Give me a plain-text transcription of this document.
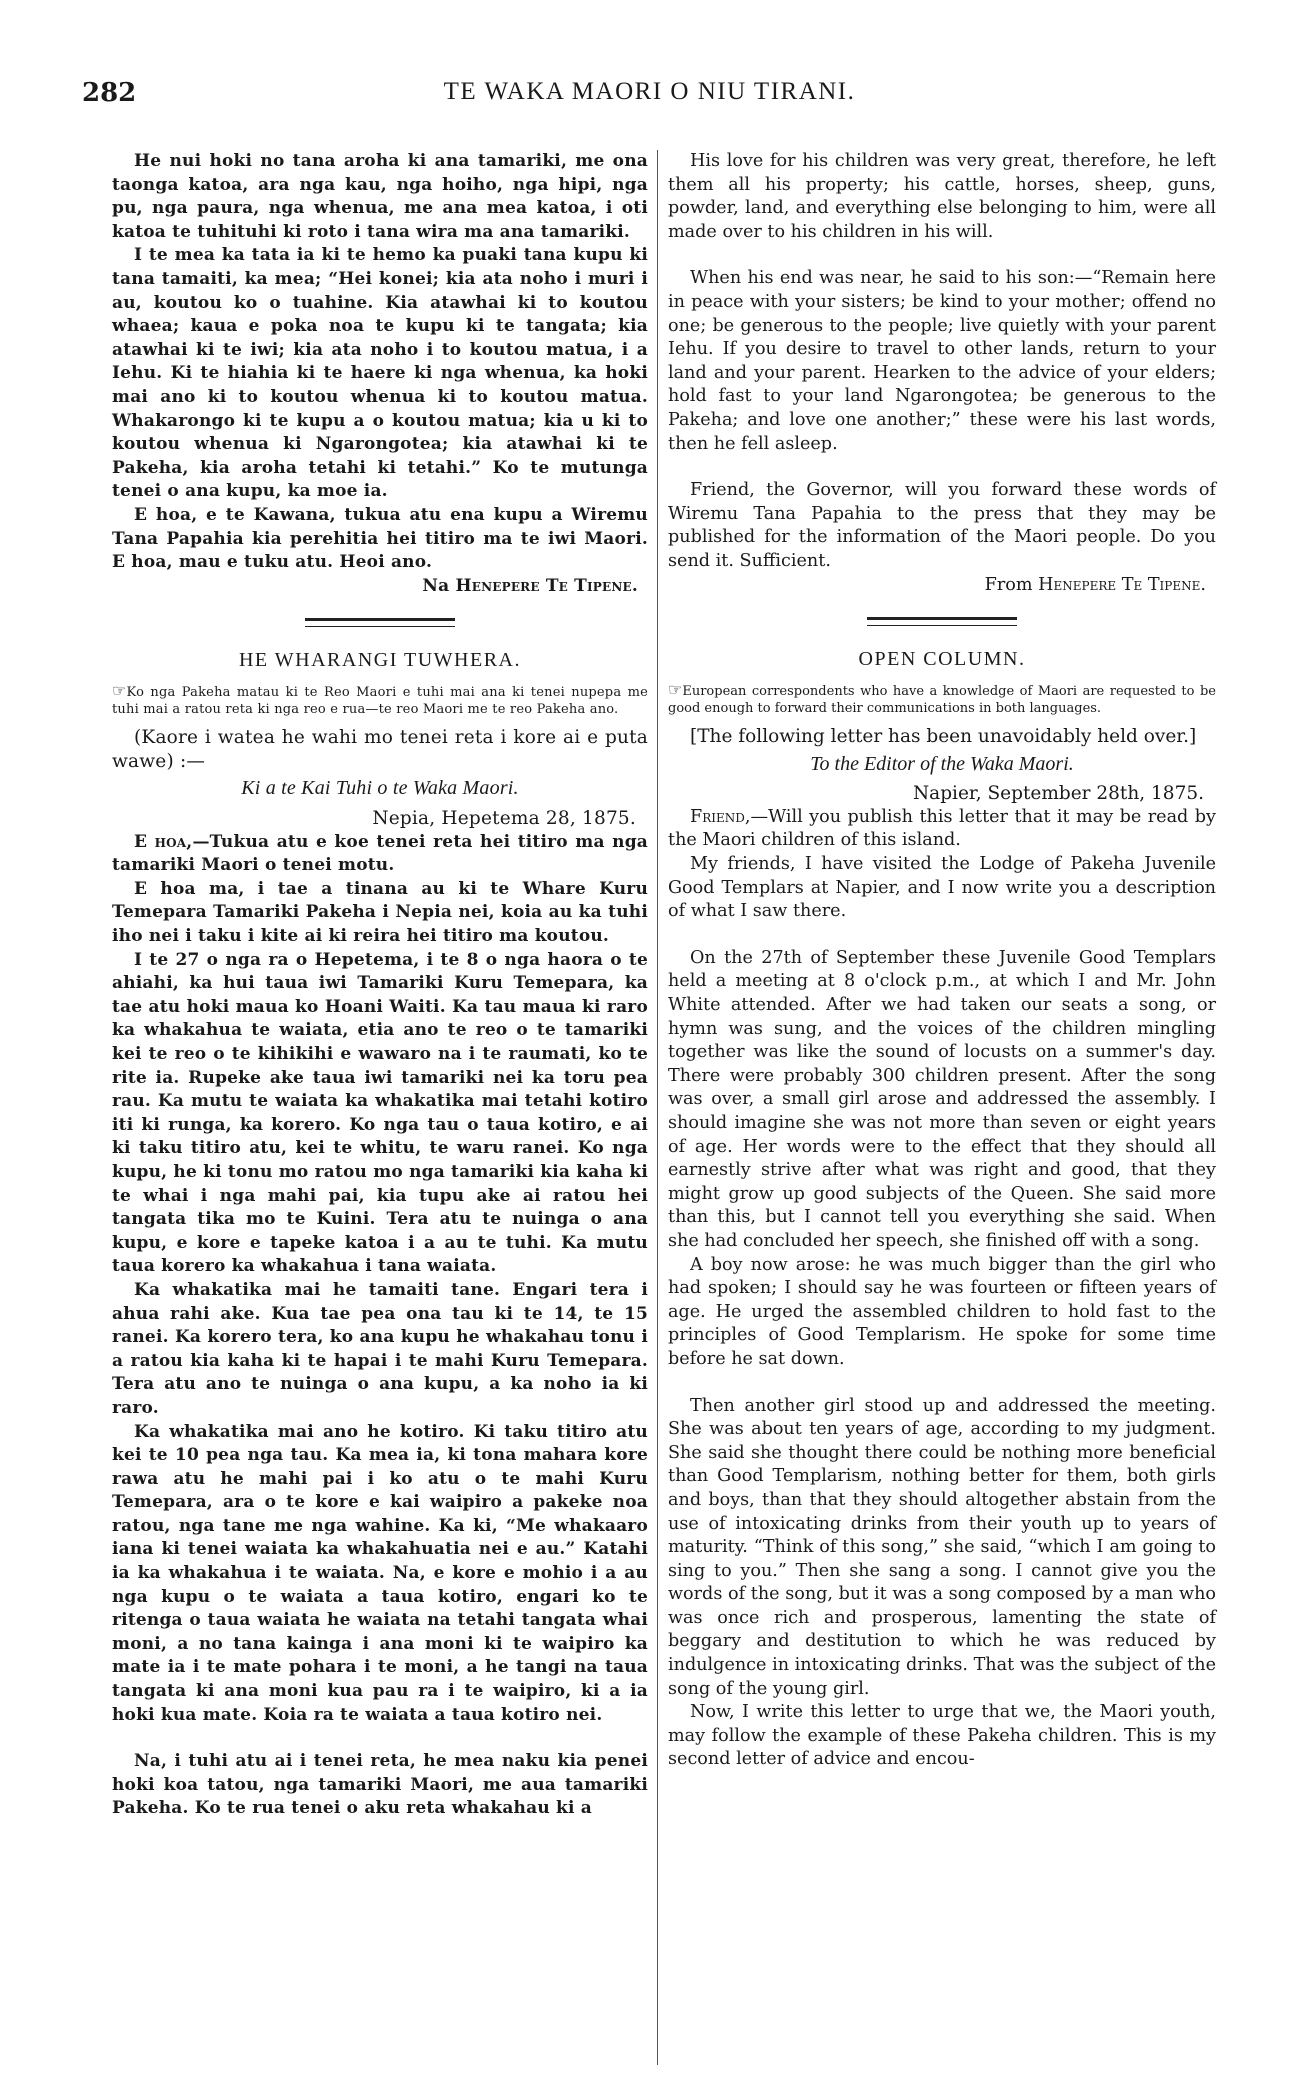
282	TE WAKA MAORI O NIU TIRANI.

He nui hoki no tana aroha ki ana tamariki, me ona taonga katoa, ara nga kau, nga hoiho, nga hipi, nga pu, nga paura, nga whenua, me ana mea katoa, i oti katoa te tuhituhi ki roto i tana wira ma ana tamariki.

I te mea ka tata ia ki te hemo ka puaki tana kupu ki tana tamaiti, ka mea; “Hei konei; kia ata noho i muri i au, koutou ko o tuahine. Kia atawhai ki to koutou whaea; kaua e poka noa te kupu ki te tangata; kia atawhai ki te iwi; kia ata noho i to koutou matua, i a Iehu. Ki te hiahia ki te haere ki nga whenua, ka hoki mai ano ki to koutou whenua ki to koutou matua. Whakarongo ki te kupu a o koutou matua; kia u ki to koutou whenua ki Ngarongotea; kia atawhai ki te Pakeha, kia aroha tetahi ki tetahi.” Ko te mutunga tenei o ana kupu, ka moe ia.

E hoa, e te Kawana, tukua atu ena kupu a Wiremu Tana Papahia kia perehitia hei titiro ma te iwi Maori. E hoa, mau e tuku atu. Heoi ano.

Na Henepere Te Tipene.

HE WHARANGI TUWHERA.

☞Ko nga Pakeha matau ki te Reo Maori e tuhi mai ana ki tenei nupepa me tuhi mai a ratou reta ki nga reo e rua—te reo Maori me te reo Pakeha ano.

(Kaore i watea he wahi mo tenei reta i kore ai e puta wawe) :—

Ki a te Kai Tuhi o te Waka Maori.

Nepia, Hepetema 28, 1875.

E hoa,—Tukua atu e koe tenei reta hei titiro ma nga tamariki Maori o tenei motu.

E hoa ma, i tae a tinana au ki te Whare Kuru Temepara Tamariki Pakeha i Nepia nei, koia au ka tuhi iho nei i taku i kite ai ki reira hei titiro ma koutou.

I te 27 o nga ra o Hepetema, i te 8 o nga haora o te ahiahi, ka hui taua iwi Tamariki Kuru Temepara, ka tae atu hoki maua ko Hoani Waiti. Ka tau maua ki raro ka whakahua te waiata, etia ano te reo o te tamariki kei te reo o te kihikihi e wawaro na i te raumati, ko te rite ia. Rupeke ake taua iwi tamariki nei ka toru pea rau. Ka mutu te waiata ka whakatika mai tetahi kotiro iti ki runga, ka korero. Ko nga tau o taua kotiro, e ai ki taku titiro atu, kei te whitu, te waru ranei. Ko nga kupu, he ki tonu mo ratou mo nga tamariki kia kaha ki te whai i nga mahi pai, kia tupu ake ai ratou hei tangata tika mo te Kuini. Tera atu te nuinga o ana kupu, e kore e tapeke katoa i a au te tuhi. Ka mutu taua korero ka whakahua i tana waiata.

Ka whakatika mai he tamaiti tane. Engari tera i ahua rahi ake. Kua tae pea ona tau ki te 14, te 15 ranei. Ka korero tera, ko ana kupu he whakahau tonu i a ratou kia kaha ki te hapai i te mahi Kuru Temepara. Tera atu ano te nuinga o ana kupu, a ka noho ia ki raro.

Ka whakatika mai ano he kotiro. Ki taku titiro atu kei te 10 pea nga tau. Ka mea ia, ki tona mahara kore rawa atu he mahi pai i ko atu o te mahi Kuru Temepara, ara o te kore e kai waipiro a pakeke noa ratou, nga tane me nga wahine. Ka ki, “Me whakaaro iana ki tenei waiata ka whakahuatia nei e au.” Katahi ia ka whakahua i te waiata. Na, e kore e mohio i a au nga kupu o te waiata a taua kotiro, engari ko te ritenga o taua waiata he waiata na tetahi tangata whai moni, a no tana kainga i ana moni ki te waipiro ka mate ia i te mate pohara i te moni, a he tangi na taua tangata ki ana moni kua pau ra i te waipiro, ki a ia hoki kua mate. Koia ra te waiata a taua kotiro nei.

Na, i tuhi atu ai i tenei reta, he mea naku kia penei hoki koa tatou, nga tamariki Maori, me aua tamariki Pakeha. Ko te rua tenei o aku reta whakahau ki a

His love for his children was very great, therefore, he left them all his property; his cattle, horses, sheep, guns, powder, land, and everything else belonging to him, were all made over to his children in his will.

When his end was near, he said to his son:—“Remain here in peace with your sisters; be kind to your mother; offend no one; be generous to the people; live quietly with your parent Iehu. If you desire to travel to other lands, return to your land and your parent. Hearken to the advice of your elders; hold fast to your land Ngarongotea; be generous to the Pakeha; and love one another;” these were his last words, then he fell asleep.

Friend, the Governor, will you forward these words of Wiremu Tana Papahia to the press that they may be published for the information of the Maori people. Do you send it. Sufficient.

From Henepere Te Tipene.

OPEN COLUMN.

☞European correspondents who have a knowledge of Maori are requested to be good enough to forward their communications in both languages.

[The following letter has been unavoidably held over.]

To the Editor of the Waka Maori.

Napier, September 28th, 1875.

Friend,—Will you publish this letter that it may be read by the Maori children of this island.

My friends, I have visited the Lodge of Pakeha Juvenile Good Templars at Napier, and I now write you a description of what I saw there.

On the 27th of September these Juvenile Good Templars held a meeting at 8 o'clock p.m., at which I and Mr. John White attended. After we had taken our seats a song, or hymn was sung, and the voices of the children mingling together was like the sound of locusts on a summer's day. There were probably 300 children present. After the song was over, a small girl arose and addressed the assembly. I should imagine she was not more than seven or eight years of age. Her words were to the effect that they should all earnestly strive after what was right and good, that they might grow up good subjects of the Queen. She said more than this, but I cannot tell you everything she said. When she had concluded her speech, she finished off with a song.

A boy now arose: he was much bigger than the girl who had spoken; I should say he was fourteen or fifteen years of age. He urged the assembled children to hold fast to the principles of Good Templarism. He spoke for some time before he sat down.

Then another girl stood up and addressed the meeting. She was about ten years of age, according to my judgment. She said she thought there could be nothing more beneficial than Good Templarism, nothing better for them, both girls and boys, than that they should altogether abstain from the use of intoxicating drinks from their youth up to years of maturity. “Think of this song,” she said, “which I am going to sing to you.” Then she sang a song. I cannot give you the words of the song, but it was a song composed by a man who was once rich and prosperous, lamenting the state of beggary and destitution to which he was reduced by indulgence in intoxicating drinks. That was the subject of the song of the young girl.

Now, I write this letter to urge that we, the Maori youth, may follow the example of these Pakeha children. This is my second letter of advice and encou-
